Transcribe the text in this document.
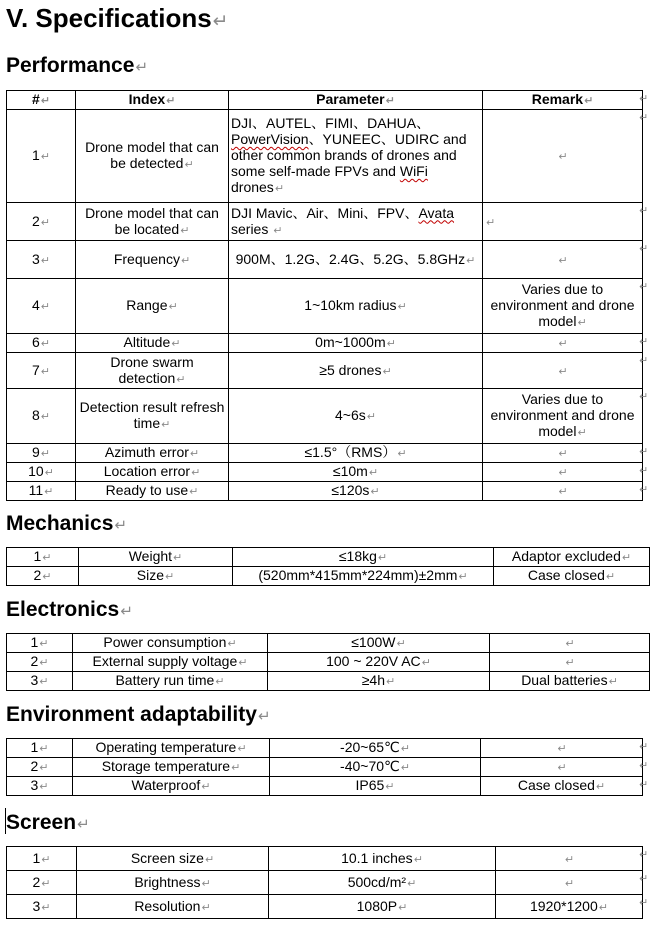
V. Specifications↵
Performance↵
#↵	Index↵	Parameter↵	Remark↵
1↵	Drone model that can be detected↵	DJI、AUTEL、FIMI、DAHUA、PowerVision、YUNEEC、UDIRC and other common brands of drones and some self-made FPVs and WiFi drones↵	↵
2↵	Drone model that can be located↵	DJI Mavic、Air、Mini、FPV、Avata series ↵	↵
3↵	Frequency↵	900M、1.2G、2.4G、5.2G、5.8GHz↵	↵
4↵	Range↵	1~10km radius↵	Varies due to environment and drone model↵
6↵	Altitude↵	0m~1000m↵	↵
7↵	Drone swarm detection↵	≥5 drones↵	↵
8↵	Detection result refresh time↵	4~6s↵	Varies due to environment and drone model↵
9↵	Azimuth error↵	≤1.5°（RMS）↵	↵
10↵	Location error↵	≤10m↵	↵
11↵	Ready to use↵	≤120s↵	↵
Mechanics↵
1↵	Weight↵	≤18kg↵	Adaptor excluded↵
2↵	Size↵	(520mm*415mm*224mm)±2mm↵	Case closed↵
Electronics↵
1↵	Power consumption↵	≤100W↵	↵
2↵	External supply voltage↵	100 ~ 220V AC↵	↵
3↵	Battery run time↵	≥4h↵	Dual batteries↵
Environment adaptability↵
1↵	Operating temperature↵	-20~65℃↵	↵
2↵	Storage temperature↵	-40~70℃↵	↵
3↵	Waterproof↵	IP65↵	Case closed↵
Screen↵
1↵	Screen size↵	10.1 inches↵	↵
2↵	Brightness↵	500cd/m²↵	↵
3↵	Resolution↵	1080P↵	1920*1200↵
↵
↵
↵
↵
↵
↵
↵
↵
↵
↵
↵
↵
↵
↵
↵
↵
↵
